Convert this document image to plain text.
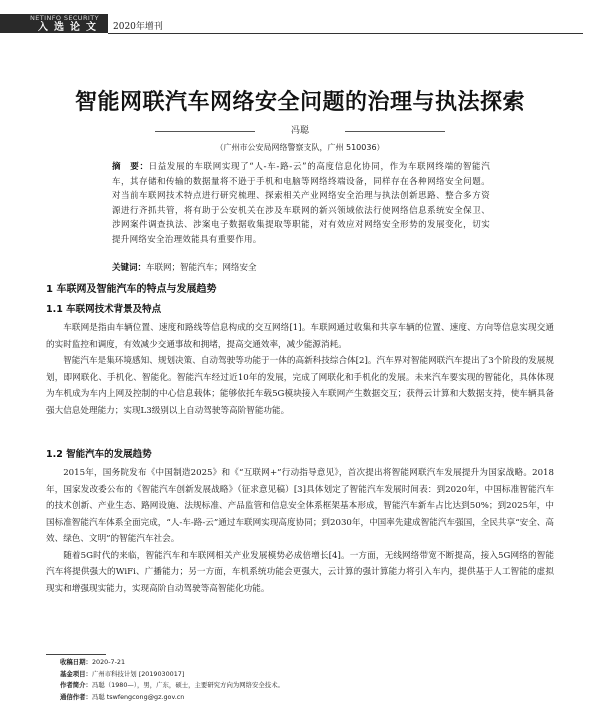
NETINFO SECURITY
入选论文 2020年增刊
智能网联汽车网络安全问题的治理与执法探索
冯聪
（广州市公安局网络警察支队，广州 510036）
摘　要：日益发展的车联网实现了“人-车-路-云”的高度信息化协同，作为车联网终端的智能汽车，其存储和传输的数据量将不逊于手机和电脑等网络终端设备，同样存在各种网络安全问题。对当前车联网技术特点进行研究梳理、探索相关产业网络安全治理与执法创新思路、整合多方资源进行齐抓共管，将有助于公安机关在涉及车联网的新兴领域依法行使网络信息系统安全保卫、涉网案件调查执法、涉案电子数据收集提取等职能，对有效应对网络安全形势的发展变化，切实提升网络安全治理效能具有重要作用。
关键词：车联网；智能汽车；网络安全
1 车联网及智能汽车的特点与发展趋势
1.1 车联网技术背景及特点

车联网是指由车辆位置、速度和路线等信息构成的交互网络[1]。车联网通过收集和共享车辆的位置、速度、方向等信息实现交通的实时监控和调度，有效减少交通事故和拥堵，提高交通效率，减少能源消耗。

智能汽车是集环境感知、规划决策、自动驾驶等功能于一体的高新科技综合体[2]。汽车界对智能网联汽车提出了3个阶段的发展规划，即网联化、手机化、智能化。智能汽车经过近10年的发展，完成了网联化和手机化的发展。未来汽车要实现的智能化，具体体现为车机成为车内上网及控制的中心信息载体；能够依托车载5G模块接入车联网产生数据交互；获得云计算和大数据支持，使车辆具备强大信息处理能力；实现L3级别以上自动驾驶等高阶智能功能。

1.2 智能汽车的发展趋势

2015年，国务院发布《中国制造2025》和《“互联网+”行动指导意见》，首次提出将智能网联汽车发展提升为国家战略。2018年，国家发改委公布的《智能汽车创新发展战略》（征求意见稿）[3]具体划定了智能汽车发展时间表：到2020年，中国标准智能汽车的技术创新、产业生态、路网设施、法规标准、产品监管和信息安全体系框架基本形成，智能汽车新车占比达到50%；到2025年，中国标准智能汽车体系全面完成，“人-车-路-云”通过车联网实现高度协同；到2030年，中国率先建成智能汽车强国，全民共享“安全、高效、绿色、文明”的智能汽车社会。

随着5G时代的来临，智能汽车和车联网相关产业发展模势必成倍增长[4]。一方面，无线网络带宽不断提高，接入5G网络的智能汽车将提供强大的WiFi、广播能力；另一方面，车机系统功能会更强大，云计算的强计算能力将引入车内，提供基于人工智能的虚拟现实和增强现实能力，实现高阶自动驾驶等高智能化功能。

收稿日期：2020-7-21
基金项目：广州市科技计划 [2019030017]
作者简介：冯聪（1980—），男，广东，硕士，主要研究方向为网络安全技术。
通信作者：冯聪 tswfengcong@gz.gov.cn
